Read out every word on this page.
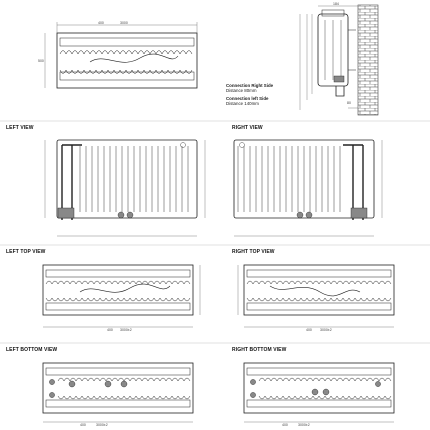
400	3000
500
184
80
Connection Right Side
Distance 80mm
Connection left Side
Distance 140mm
400 3000±2	400 3000±2
400	3000±2	400	3000±2
LEFT VIEW	RIGHT VIEW
LEFT TOP VIEW	RIGHT TOP VIEW
LEFT BOTTOM VIEW	RIGHT BOTTOM VIEW
